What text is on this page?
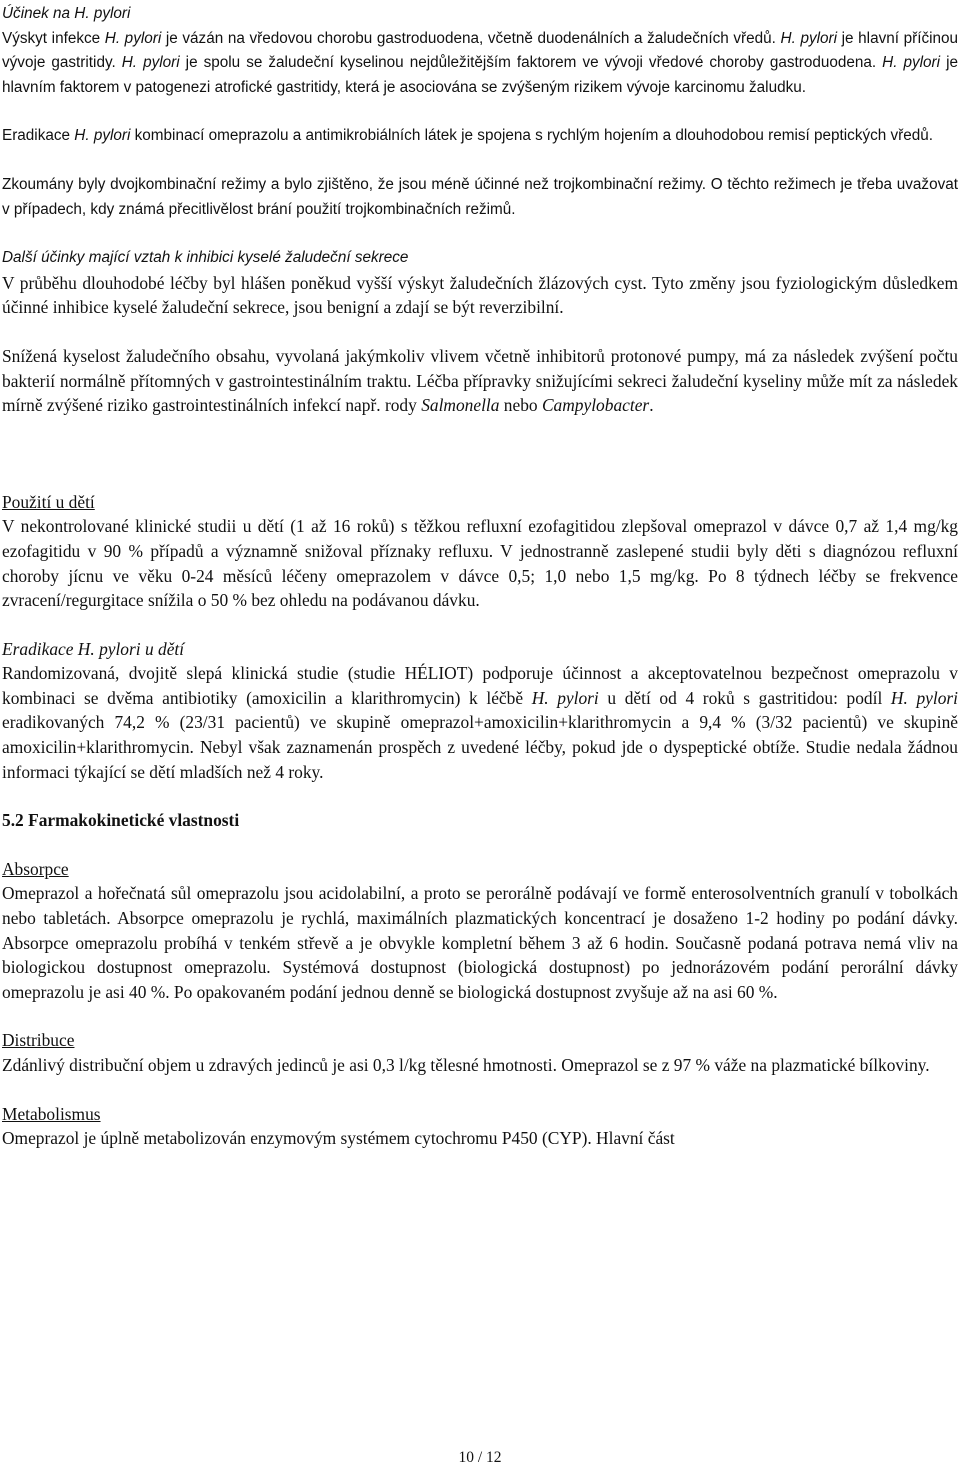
Účinek na H. pylori

Výskyt infekce H. pylori je vázán na vředovou chorobu gastroduodena, včetně duodenálních a žaludečních vředů. H. pylori je hlavní příčinou vývoje gastritidy. H. pylori je spolu se žaludeční kyselinou nejdůležitějším faktorem ve vývoji vředové choroby gastroduodena. H. pylori je hlavním faktorem v patogenezi atrofické gastritidy, která je asociována se zvýšeným rizikem vývoje karcinomu žaludku.

Eradikace H. pylori kombinací omeprazolu a antimikrobiálních látek je spojena s rychlým hojením a dlouhodobou remisí peptických vředů.

Zkoumány byly dvojkombinační režimy a bylo zjištěno, že jsou méně účinné než trojkombinační režimy. O těchto režimech je třeba uvažovat v případech, kdy známá přecitlivělost brání použití trojkombinačních režimů.

Další účinky mající vztah k inhibici kyselé žaludeční sekrece

V průběhu dlouhodobé léčby byl hlášen poněkud vyšší výskyt žaludečních žlázových cyst. Tyto změny jsou fyziologickým důsledkem účinné inhibice kyselé žaludeční sekrece, jsou benigní a zdají se být reverzibilní.

Snížená kyselost žaludečního obsahu, vyvolaná jakýmkoliv vlivem včetně inhibitorů protonové pumpy, má za následek zvýšení počtu bakterií normálně přítomných v gastrointestinálním traktu. Léčba přípravky snižujícími sekreci žaludeční kyseliny může mít za následek mírně zvýšené riziko gastrointestinálních infekcí např. rody Salmonella nebo Campylobacter.

Použití u dětí

V nekontrolované klinické studii u dětí (1 až 16 roků) s těžkou refluxní ezofagitidou zlepšoval omeprazol v dávce 0,7 až 1,4 mg/kg ezofagitidu v 90 % případů a významně snižoval příznaky refluxu. V jednostranně zaslepené studii byly děti s diagnózou refluxní choroby jícnu ve věku 0-24 měsíců léčeny omeprazolem v dávce 0,5; 1,0 nebo 1,5 mg/kg. Po 8 týdnech léčby se frekvence zvracení/regurgitace snížila o 50 % bez ohledu na podávanou dávku.

Eradikace H. pylori u dětí

Randomizovaná, dvojitě slepá klinická studie (studie HÉLIOT) podporuje účinnost a akceptovatelnou bezpečnost omeprazolu v kombinaci se dvěma antibiotiky (amoxicilin a klarithromycin) k léčbě H. pylori u dětí od 4 roků s gastritidou: podíl H. pylori eradikovaných 74,2 % (23/31 pacientů) ve skupině omeprazol+amoxicilin+klarithromycin a 9,4 % (3/32 pacientů) ve skupině amoxicilin+klarithromycin. Nebyl však zaznamenán prospěch z uvedené léčby, pokud jde o dyspeptické obtíže. Studie nedala žádnou informaci týkající se dětí mladších než 4 roky.

5.2 Farmakokinetické vlastnosti

Absorpce

Omeprazol a hořečnatá sůl omeprazolu jsou acidolabilní, a proto se perorálně podávají ve formě enterosolventních granulí v tobolkách nebo tabletách. Absorpce omeprazolu je rychlá, maximálních plazmatických koncentrací je dosaženo 1-2 hodiny po podání dávky. Absorpce omeprazolu probíhá v tenkém střevě a je obvykle kompletní během 3 až 6 hodin. Současně podaná potrava nemá vliv na biologickou dostupnost omeprazolu. Systémová dostupnost (biologická dostupnost) po jednorázovém podání perorální dávky omeprazolu je asi 40 %. Po opakovaném podání jednou denně se biologická dostupnost zvyšuje až na asi 60 %.

Distribuce

Zdánlivý distribuční objem u zdravých jedinců je asi 0,3 l/kg tělesné hmotnosti. Omeprazol se z 97 % váže na plazmatické bílkoviny.

Metabolismus

Omeprazol je úplně metabolizován enzymovým systémem cytochromu P450 (CYP). Hlavní část

10 / 12
